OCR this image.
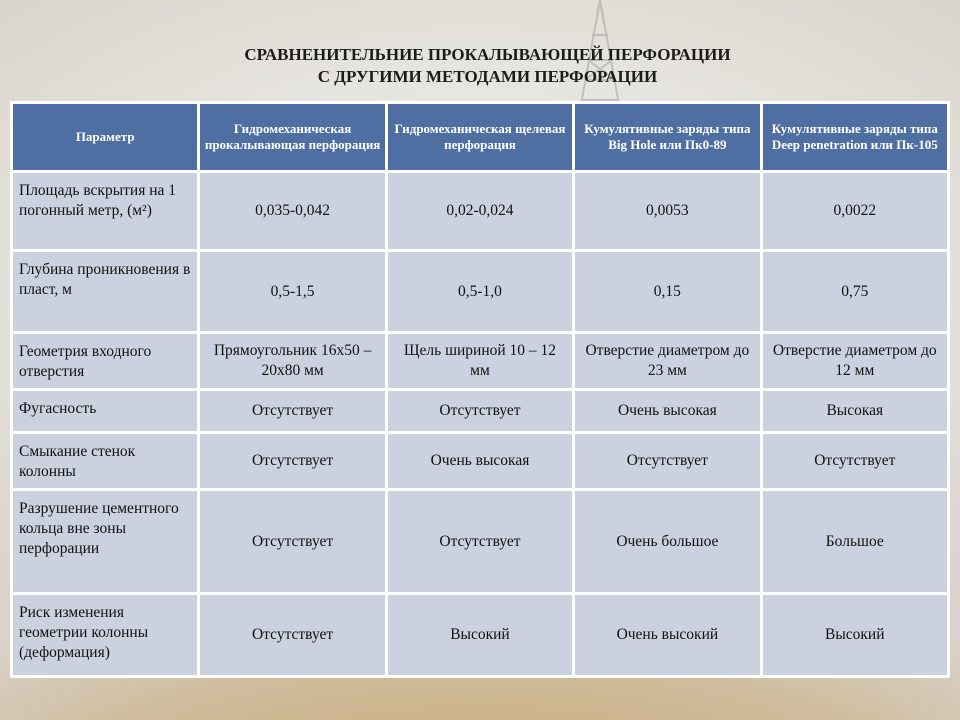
СРАВНЕНИТЕЛЬНИЕ ПРОКАЛЫВАЮЩЕЙ ПЕРФОРАЦИИ
С ДРУГИМИ МЕТОДАМИ ПЕРФОРАЦИИ
Параметр	Гидромеханическая прокалывающая перфорация	Гидромеханическая щелевая перфорация	Кумулятивные заряды типа Big Hole или Пк0-89	Кумулятивные заряды типа Deep penetration или Пк-105
Площадь вскрытия на 1 погонный метр, (м²)	0,035-0,042	0,02-0,024	0,0053	0,0022
Глубина проникновения в пласт, м	0,5-1,5	0,5-1,0	0,15	0,75
Геометрия входного отверстия	Прямоугольник 16х50 – 20х80 мм	Щель шириной 10 – 12 мм	Отверстие диаметром до 23 мм	Отверстие диаметром до 12 мм
Фугасность	Отсутствует	Отсутствует	Очень высокая	Высокая
Смыкание стенок колонны	Отсутствует	Очень высокая	Отсутствует	Отсутствует
Разрушение цементного кольца вне зоны перфорации	Отсутствует	Отсутствует	Очень большое	Большое
Риск изменения геометрии колонны (деформация)	Отсутствует	Высокий	Очень высокий	Высокий
